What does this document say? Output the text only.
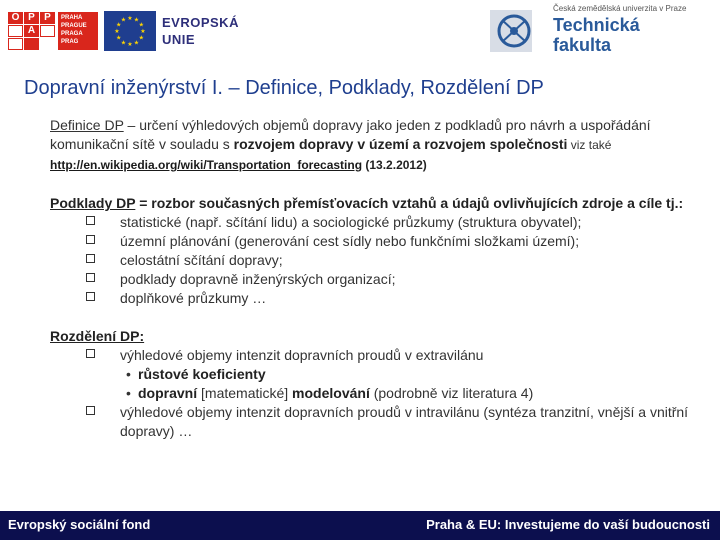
O P P
A
PRAHA
PRAGUE
PRAGA
PRAG
★ ★
★
★
★
★
★
★
★
★
★
★	EVROPSKÁ
UNIE
Česká zemědělská univerzita v Praze
Technická
fakulta
Dopravní inženýrství I. – Definice, Podklady, Rozdělení DP

Definice DP – určení výhledových objemů dopravy jako jeden z podkladů pro návrh a uspořádání komunikační sítě v souladu s rozvojem dopravy v území a rozvojem společnosti viz také http://en.wikipedia.org/wiki/Transportation_forecasting (13.2.2012)

Podklady DP = rozbor současných přemísťovacích vztahů a údajů ovlivňujících zdroje a cíle tj.:

statistické (např. sčítání lidu) a sociologické průzkumy (struktura obyvatel);
územní plánování (generování cest sídly nebo funkčními složkami území);
celostátní sčítání dopravy;
podklady dopravně inženýrských organizací;
doplňkové průzkumy …

Rozdělení DP:

výhledové objemy intenzit dopravních proudů v extravilánu
• růstové koeficienty
• dopravní [matematické] modelování (podrobně viz literatura 4)
výhledové objemy intenzit dopravních proudů v intravilánu (syntéza tranzitní, vnější a vnitřní dopravy) …
Evropský sociální fond	Praha & EU: Investujeme do vaší budoucnosti
